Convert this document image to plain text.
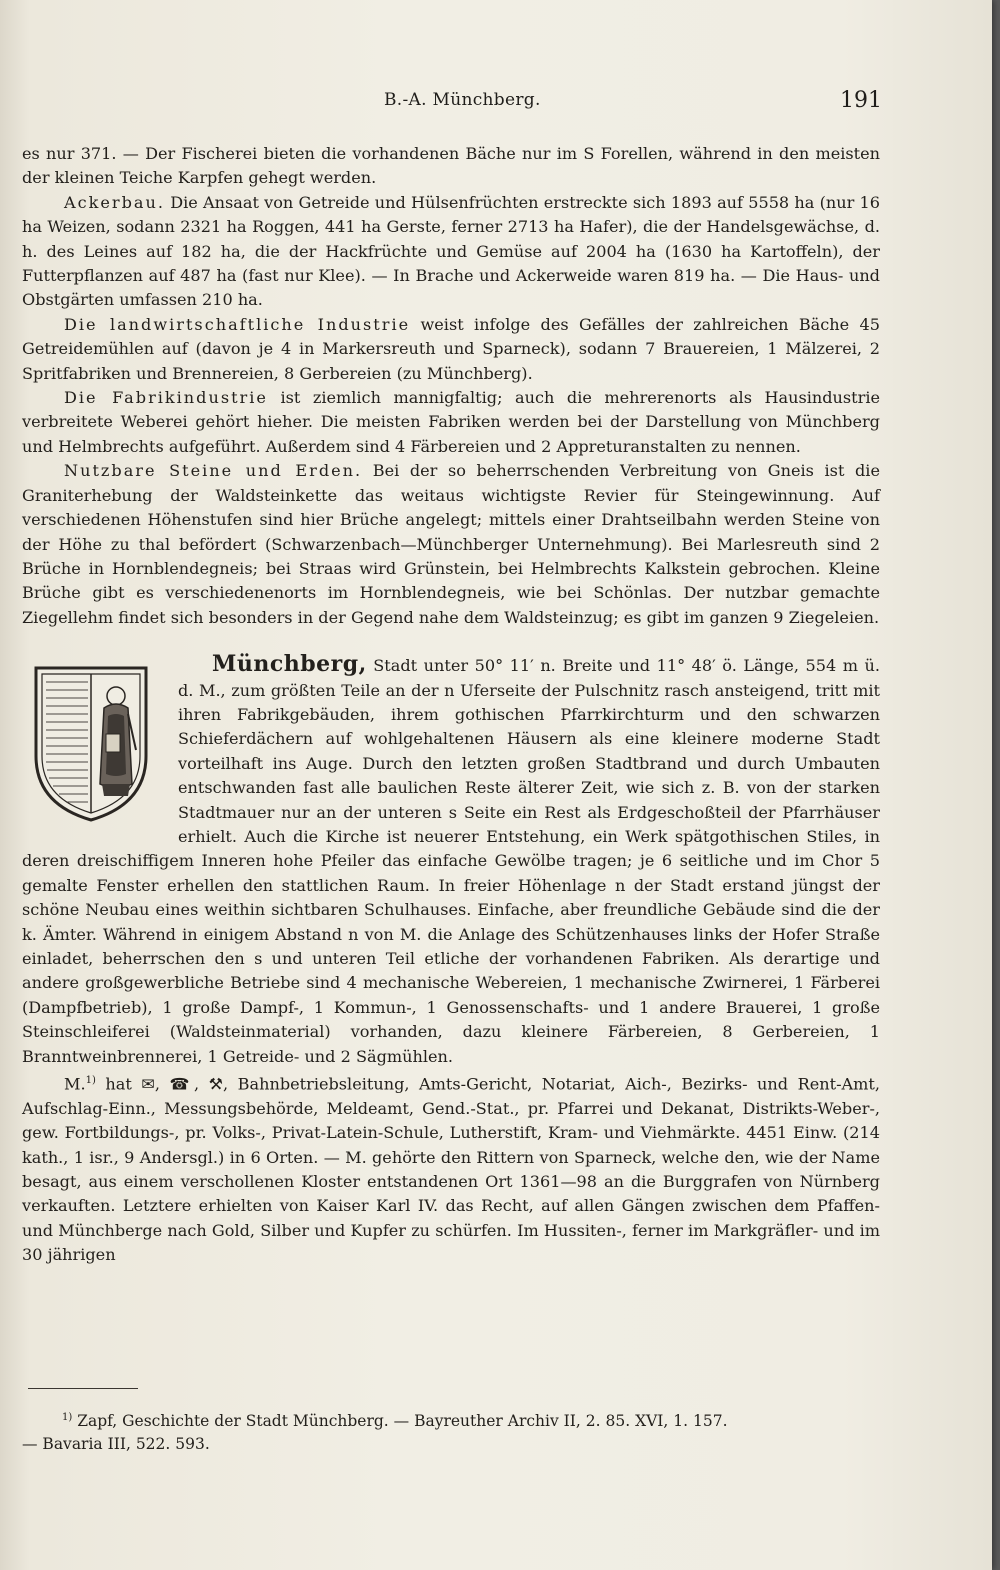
B.-A. Münchberg.	191

es nur 371. — Der Fischerei bieten die vorhandenen Bäche nur im S Forellen, während in den meisten der kleinen Teiche Karpfen gehegt werden.

Ackerbau. Die Ansaat von Getreide und Hülsenfrüchten erstreckte sich 1893 auf 5558 ha (nur 16 ha Weizen, sodann 2321 ha Roggen, 441 ha Gerste, ferner 2713 ha Hafer), die der Handelsgewächse, d. h. des Leines auf 182 ha, die der Hackfrüchte und Gemüse auf 2004 ha (1630 ha Kartoffeln), der Futterpflanzen auf 487 ha (fast nur Klee). — In Brache und Ackerweide waren 819 ha. — Die Haus- und Obstgärten umfassen 210 ha.

Die landwirtschaftliche Industrie weist infolge des Gefälles der zahlreichen Bäche 45 Getreidemühlen auf (davon je 4 in Markersreuth und Sparneck), sodann 7 Brauereien, 1 Mälzerei, 2 Spritfabriken und Brennereien, 8 Gerbereien (zu Münchberg).

Die Fabrikindustrie ist ziemlich mannigfaltig; auch die mehrerenorts als Hausindustrie verbreitete Weberei gehört hieher. Die meisten Fabriken werden bei der Darstellung von Münchberg und Helmbrechts aufgeführt. Außerdem sind 4 Färbereien und 2 Appreturanstalten zu nennen.

Nutzbare Steine und Erden. Bei der so beherrschenden Verbreitung von Gneis ist die Graniterhebung der Waldsteinkette das weitaus wichtigste Revier für Steingewinnung. Auf verschiedenen Höhenstufen sind hier Brüche angelegt; mittels einer Drahtseilbahn werden Steine von der Höhe zu thal befördert (Schwarzenbach—Münchberger Unternehmung). Bei Marlesreuth sind 2 Brüche in Hornblendegneis; bei Straas wird Grünstein, bei Helmbrechts Kalkstein gebrochen. Kleine Brüche gibt es verschiedenenorts im Hornblendegneis, wie bei Schönlas. Der nutzbar gemachte Ziegellehm findet sich besonders in der Gegend nahe dem Waldsteinzug; es gibt im ganzen 9 Ziegeleien.

Münchberg,
Stadt unter 50° 11′ n. Breite und 11° 48′ ö. Länge, 554 m ü. d. M., zum größten Teile an der n Uferseite der Pulschnitz rasch ansteigend, tritt mit ihren Fabrikgebäuden, ihrem gothischen Pfarrkirchturm und den schwarzen Schieferdächern auf wohlgehaltenen Häusern als eine kleinere moderne Stadt vorteilhaft ins Auge. Durch den letzten großen Stadtbrand und durch Umbauten entschwanden fast alle baulichen Reste älterer Zeit, wie sich z. B. von der starken Stadtmauer nur an der unteren s Seite ein Rest als Erdgeschoßteil der Pfarrhäuser erhielt. Auch die Kirche ist neuerer Entstehung, ein Werk spätgothischen Stiles, in deren dreischiffigem Inneren hohe Pfeiler das einfache Gewölbe tragen; je 6 seitliche und im Chor 5 gemalte Fenster erhellen den stattlichen Raum. In freier Höhenlage n der Stadt erstand jüngst der schöne Neubau eines weithin sichtbaren Schulhauses. Einfache, aber freundliche Gebäude sind die der k. Ämter. Während in einigem Abstand n von M. die Anlage des Schützenhauses links der Hofer Straße einladet, beherrschen den s und unteren Teil etliche der vorhandenen Fabriken. Als derartige und andere großgewerbliche Betriebe sind 4 mechanische Webereien, 1 mechanische Zwirnerei, 1 Färberei (Dampfbetrieb), 1 große Dampf-, 1 Kommun-, 1 Genossenschafts- und 1 andere Brauerei, 1 große Steinschleiferei (Waldsteinmaterial) vorhanden, dazu kleinere Färbereien, 8 Gerbereien, 1 Branntweinbrennerei, 1 Getreide- und 2 Sägmühlen.

M.$^{1)}$ hat ✉, ☎, ⚒, Bahnbetriebsleitung, Amts-Gericht, Notariat, Aich-, Bezirks- und Rent-Amt, Aufschlag-Einn., Messungsbehörde, Meldeamt, Gend.-Stat., pr. Pfarrei und Dekanat, Distrikts-Weber-, gew. Fortbildungs-, pr. Volks-, Privat-Latein-Schule, Lutherstift, Kram- und Viehmärkte. 4451 Einw. (214 kath., 1 isr., 9 Andersgl.) in 6 Orten. — M. gehörte den Rittern von Sparneck, welche den, wie der Name besagt, aus einem verschollenen Kloster entstandenen Ort 1361—98 an die Burggrafen von Nürnberg verkauften. Letztere erhielten von Kaiser Karl IV. das Recht, auf allen Gängen zwischen dem Pfaffen- und Münchberge nach Gold, Silber und Kupfer zu schürfen. Im Hussiten-, ferner im Markgräfler- und im 30 jährigen

$^{1)}$ Zapf, Geschichte der Stadt Münchberg. — Bayreuther Archiv II, 2. 85. XVI, 1. 157.
— Bavaria III, 522. 593.
